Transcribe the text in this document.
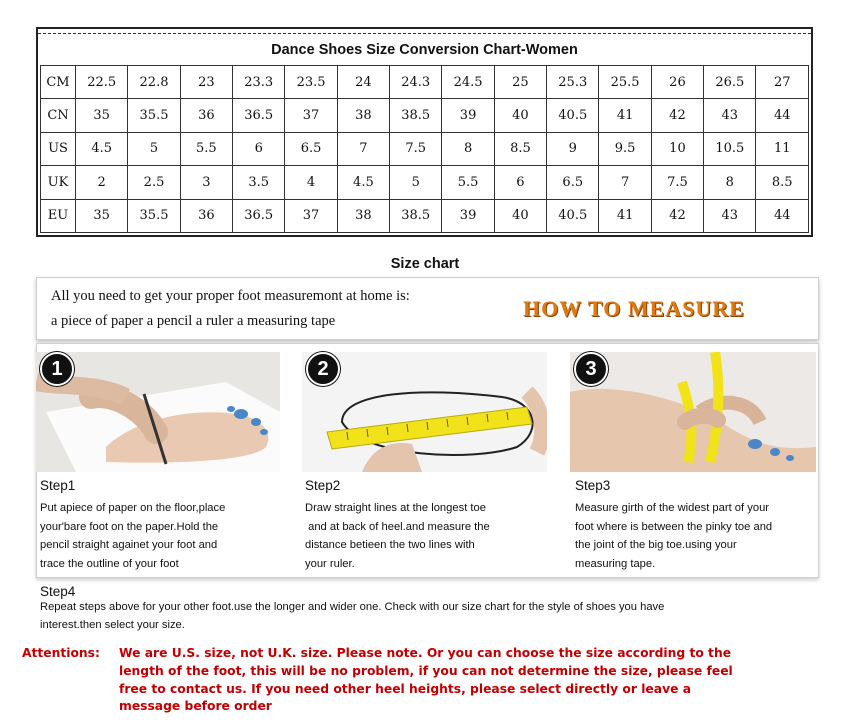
Dance Shoes Size Conversion Chart-Women
CM	22.5	22.8	23	23.3	23.5	24	24.3	24.5	25	25.3	25.5	26	26.5	27
CN	35	35.5	36	36.5	37	38	38.5	39	40	40.5	41	42	43	44
US	4.5	5	5.5	6	6.5	7	7.5	8	8.5	9	9.5	10	10.5	11
UK	2	2.5	3	3.5	4	4.5	5	5.5	6	6.5	7	7.5	8	8.5
EU	35	35.5	36	36.5	37	38	38.5	39	40	40.5	41	42	43	44
Size chart
All you need to get your proper foot measuremont at home is:
a piece of paper a pencil a ruler a measuring tape	HOW TO MEASURE
1	2	3
Step1
Put apiece of paper on the floor,place
your'bare foot on the paper.Hold the
pencil straight againet your foot and
trace the outline of your foot
Step2
Draw straight lines at the longest toe
and at back of heel.and measure the
distance betieen the two lines with
your ruler.
Step3
Measure girth of the widest part of your
foot where is between the pinky toe and
the joint of the big toe.using your
measuring tape.
Step4
Repeat steps above for your other foot.use the longer and wider one. Check with our size chart for the style of shoes you have
interest.then select your size.
Attentions: We are U.S. size, not U.K. size. Please note. Or you can choose the size according to the
length of the foot, this will be no problem, if you can not determine the size, please feel
free to contact us. If you need other heel heights, please select directly or leave a
message before order
